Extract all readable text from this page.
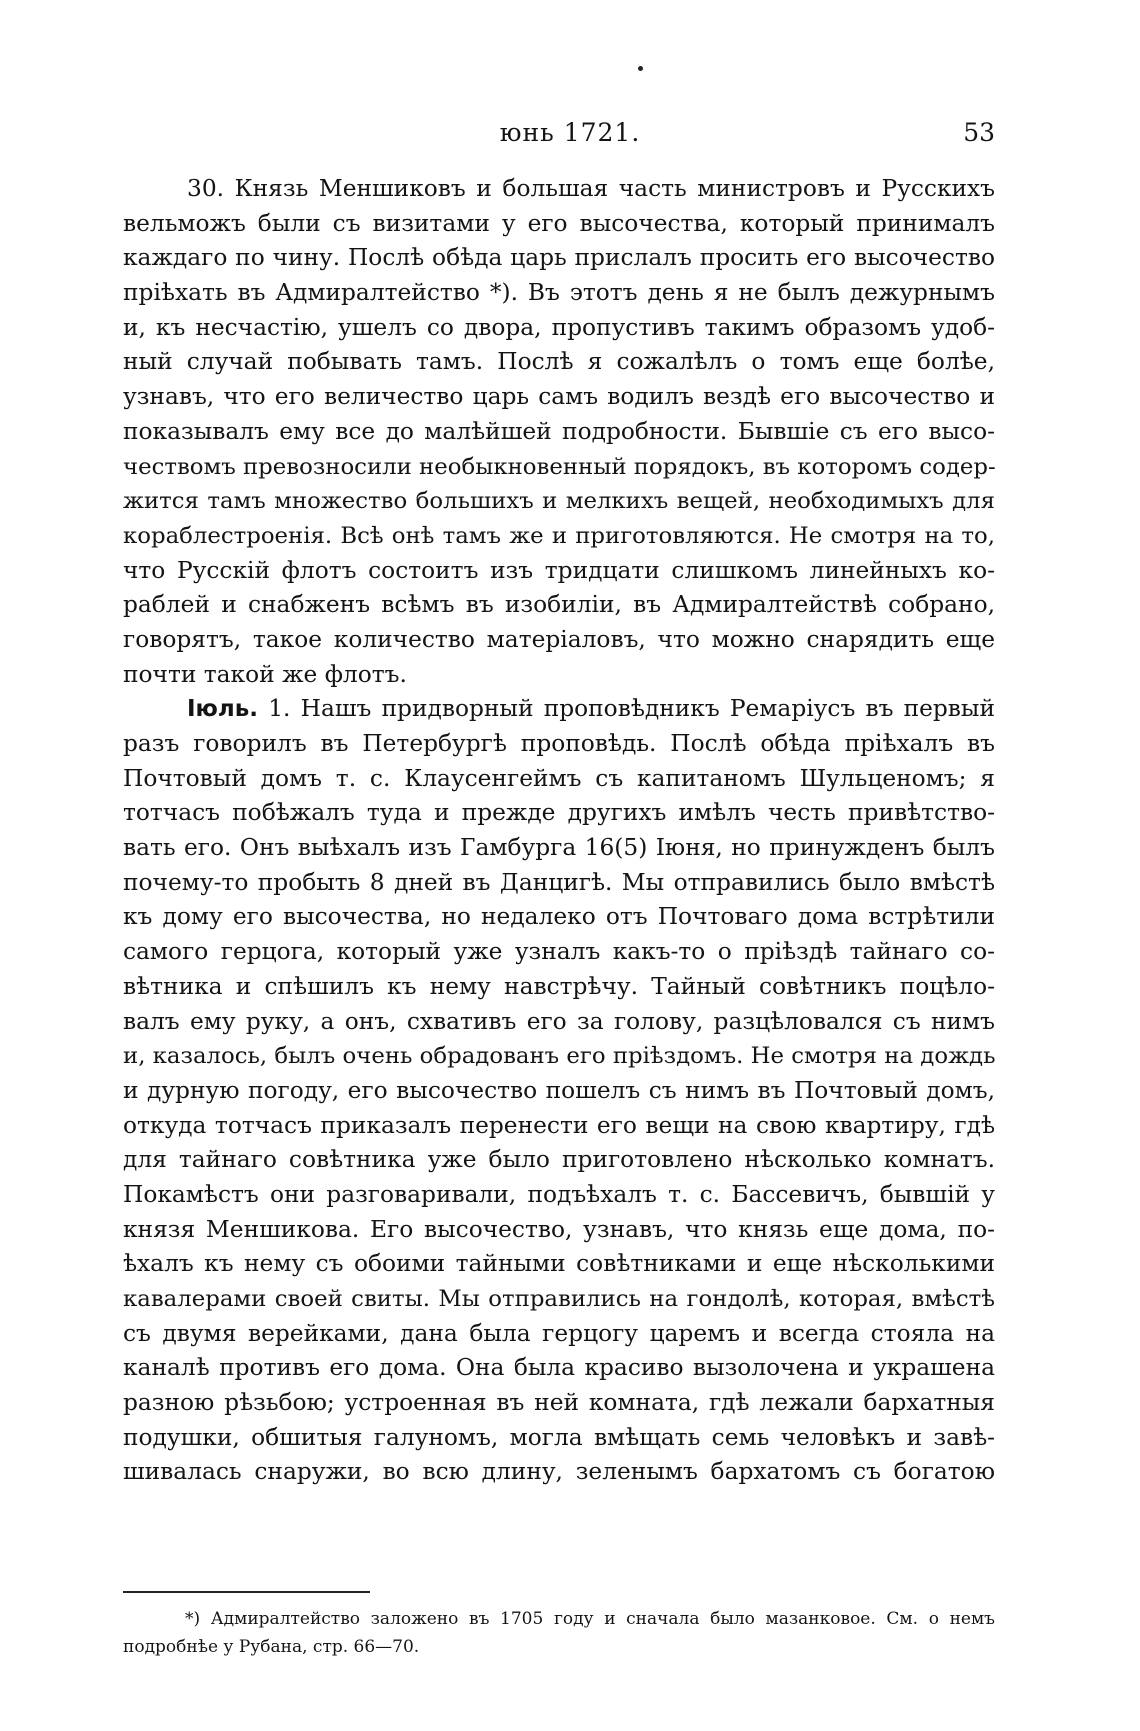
юнь 1721.	53
30. Князь Меншиковъ и большая часть министровъ и Русскихъ
вельможъ были съ визитами у его высочества, который принималъ
каждаго по чину. Послѣ обѣда царь прислалъ просить его высочество
пріѣхать въ Адмиралтейство *). Въ этотъ день я не былъ дежурнымъ
и, къ несчастію, ушелъ со двора, пропустивъ такимъ образомъ удоб-
ный случай побывать тамъ. Послѣ я сожалѣлъ о томъ еще болѣе,
узнавъ, что его величество царь самъ водилъ вездѣ его высочество и
показывалъ ему все до малѣйшей подробности. Бывшіе съ его высо-
чествомъ превозносили необыкновенный порядокъ, въ которомъ содер-
жится тамъ множество большихъ и мелкихъ вещей, необходимыхъ для
кораблестроенія. Всѣ онѣ тамъ же и приготовляются. Не смотря на то,
что Русскій флотъ состоитъ изъ тридцати слишкомъ линейныхъ ко-
раблей и снабженъ всѣмъ въ изобиліи, въ Адмиралтействѣ собрано,
говорятъ, такое количество матеріаловъ, что можно снарядить еще
почти такой же флотъ.
Іюль. 1. Нашъ придворный проповѣдникъ Ремаріусъ въ первый
разъ говорилъ въ Петербургѣ проповѣдь. Послѣ обѣда пріѣхалъ въ
Почтовый домъ т. с. Клаусенгеймъ съ капитаномъ Шульценомъ; я
тотчасъ побѣжалъ туда и прежде другихъ имѣлъ честь привѣтство-
вать его. Онъ выѣхалъ изъ Гамбурга 16(5) Іюня, но принужденъ былъ
почему-то пробыть 8 дней въ Данцигѣ. Мы отправились было вмѣстѣ
къ дому его высочества, но недалеко отъ Почтоваго дома встрѣтили
самого герцога, который уже узналъ какъ-то о пріѣздѣ тайнаго со-
вѣтника и спѣшилъ къ нему навстрѣчу. Тайный совѣтникъ поцѣло-
валъ ему руку, а онъ, схвативъ его за голову, разцѣловался съ нимъ
и, казалось, былъ очень обрадованъ его пріѣздомъ. Не смотря на дождь
и дурную погоду, его высочество пошелъ съ нимъ въ Почтовый домъ,
откуда тотчасъ приказалъ перенести его вещи на свою квартиру, гдѣ
для тайнаго совѣтника уже было приготовлено нѣсколько комнатъ.
Покамѣстъ они разговаривали, подъѣхалъ т. с. Бассевичъ, бывшій у
князя Меншикова. Его высочество, узнавъ, что князь еще дома, по-
ѣхалъ къ нему съ обоими тайными совѣтниками и еще нѣсколькими
кавалерами своей свиты. Мы отправились на гондолѣ, которая, вмѣстѣ
съ двумя верейками, дана была герцогу царемъ и всегда стояла на
каналѣ противъ его дома. Она была красиво вызолочена и украшена
разною рѣзьбою; устроенная въ ней комната, гдѣ лежали бархатныя
подушки, обшитыя галуномъ, могла вмѣщать семь человѣкъ и завѣ-
шивалась снаружи, во всю длину, зеленымъ бархатомъ съ богатою
*) Адмиралтейство заложено въ 1705 году и сначала было мазанковое. См. о немъ
подробнѣе у Рубана, стр. 66—70.
